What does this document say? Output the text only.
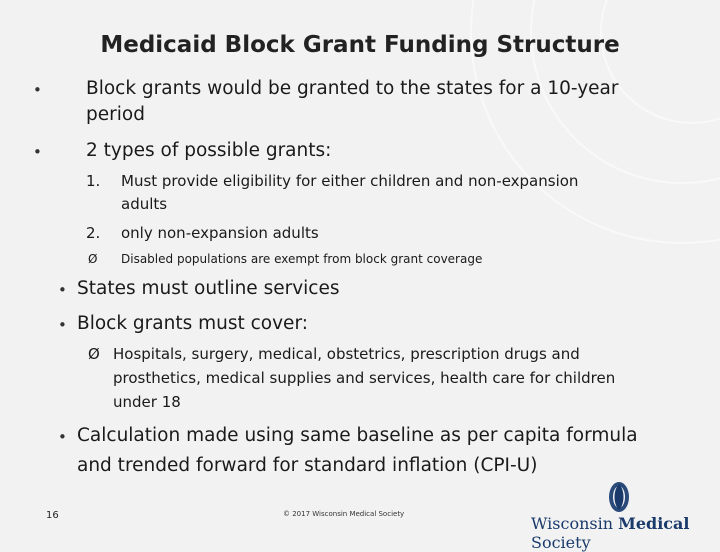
Medicaid Block Grant Funding Structure
• Block grants would be granted to the states for a 10-year
period
• 2 types of possible grants:
1. Must provide eligibility for either children and non-expansion
adults
2. only non-expansion adults
Ø Disabled populations are exempt from block grant coverage
• States must outline services
• Block grants must cover:
Ø Hospitals, surgery, medical, obstetrics, prescription drugs and
prosthetics, medical supplies and services, health care for children
under 18
• Calculation made using same baseline as per capita formula
and trended forward for standard inflation (CPI-U)
16	© 2017 Wisconsin Medical Society	Wisconsin Medical Society
